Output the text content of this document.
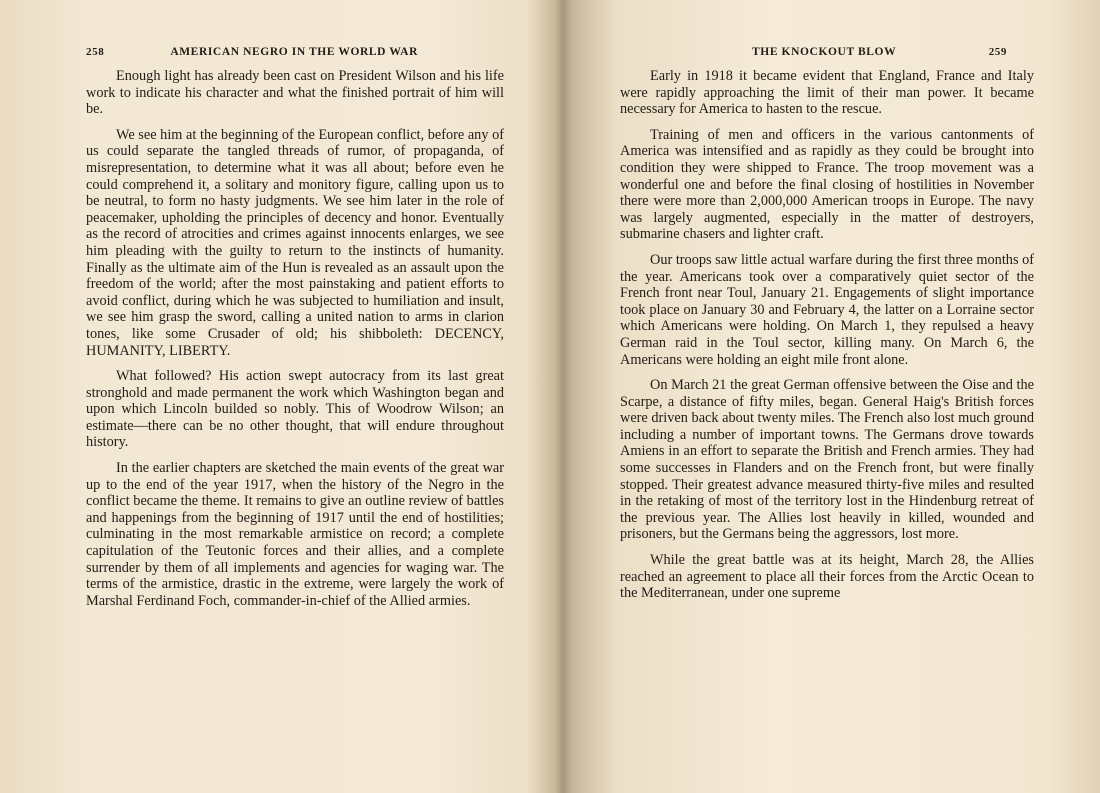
258	AMERICAN NEGRO IN THE WORLD WAR

Enough light has already been cast on President Wilson and his life work to indicate his character and what the finished portrait of him will be.

We see him at the beginning of the European conflict, before any of us could separate the tangled threads of rumor, of propaganda, of misrepresentation, to determine what it was all about; before even he could comprehend it, a solitary and monitory figure, calling upon us to be neutral, to form no hasty judgments. We see him later in the role of peacemaker, upholding the principles of decency and honor. Eventually as the record of atrocities and crimes against innocents enlarges, we see him pleading with the guilty to return to the instincts of humanity. Finally as the ultimate aim of the Hun is revealed as an assault upon the freedom of the world; after the most painstaking and patient efforts to avoid conflict, during which he was subjected to humiliation and insult, we see him grasp the sword, calling a united nation to arms in clarion tones, like some Crusader of old; his shibboleth: DECENCY, HUMANITY, LIBERTY.

What followed? His action swept autocracy from its last great stronghold and made permanent the work which Washington began and upon which Lincoln builded so nobly. This of Woodrow Wilson; an estimate—there can be no other thought, that will endure throughout history.

In the earlier chapters are sketched the main events of the great war up to the end of the year 1917, when the history of the Negro in the conflict became the theme. It remains to give an outline review of battles and happenings from the beginning of 1917 until the end of hostilities; culminating in the most remarkable armistice on record; a complete capitulation of the Teutonic forces and their allies, and a complete surrender by them of all implements and agencies for waging war. The terms of the armistice, drastic in the extreme, were largely the work of Marshal Ferdinand Foch, commander-in-chief of the Allied armies.

THE KNOCKOUT BLOW	259

Early in 1918 it became evident that England, France and Italy were rapidly approaching the limit of their man power. It became necessary for America to hasten to the rescue.

Training of men and officers in the various cantonments of America was intensified and as rapidly as they could be brought into condition they were shipped to France. The troop movement was a wonderful one and before the final closing of hostilities in November there were more than 2,000,000 American troops in Europe. The navy was largely augmented, especially in the matter of destroyers, submarine chasers and lighter craft.

Our troops saw little actual warfare during the first three months of the year. Americans took over a comparatively quiet sector of the French front near Toul, January 21. Engagements of slight importance took place on January 30 and February 4, the latter on a Lorraine sector which Americans were holding. On March 1, they repulsed a heavy German raid in the Toul sector, killing many. On March 6, the Americans were holding an eight mile front alone.

On March 21 the great German offensive between the Oise and the Scarpe, a distance of fifty miles, began. General Haig's British forces were driven back about twenty miles. The French also lost much ground including a number of important towns. The Germans drove towards Amiens in an effort to separate the British and French armies. They had some successes in Flanders and on the French front, but were finally stopped. Their greatest advance measured thirty-five miles and resulted in the retaking of most of the territory lost in the Hindenburg retreat of the previous year. The Allies lost heavily in killed, wounded and prisoners, but the Germans being the aggressors, lost more.

While the great battle was at its height, March 28, the Allies reached an agreement to place all their forces from the Arctic Ocean to the Mediterranean, under one supreme
